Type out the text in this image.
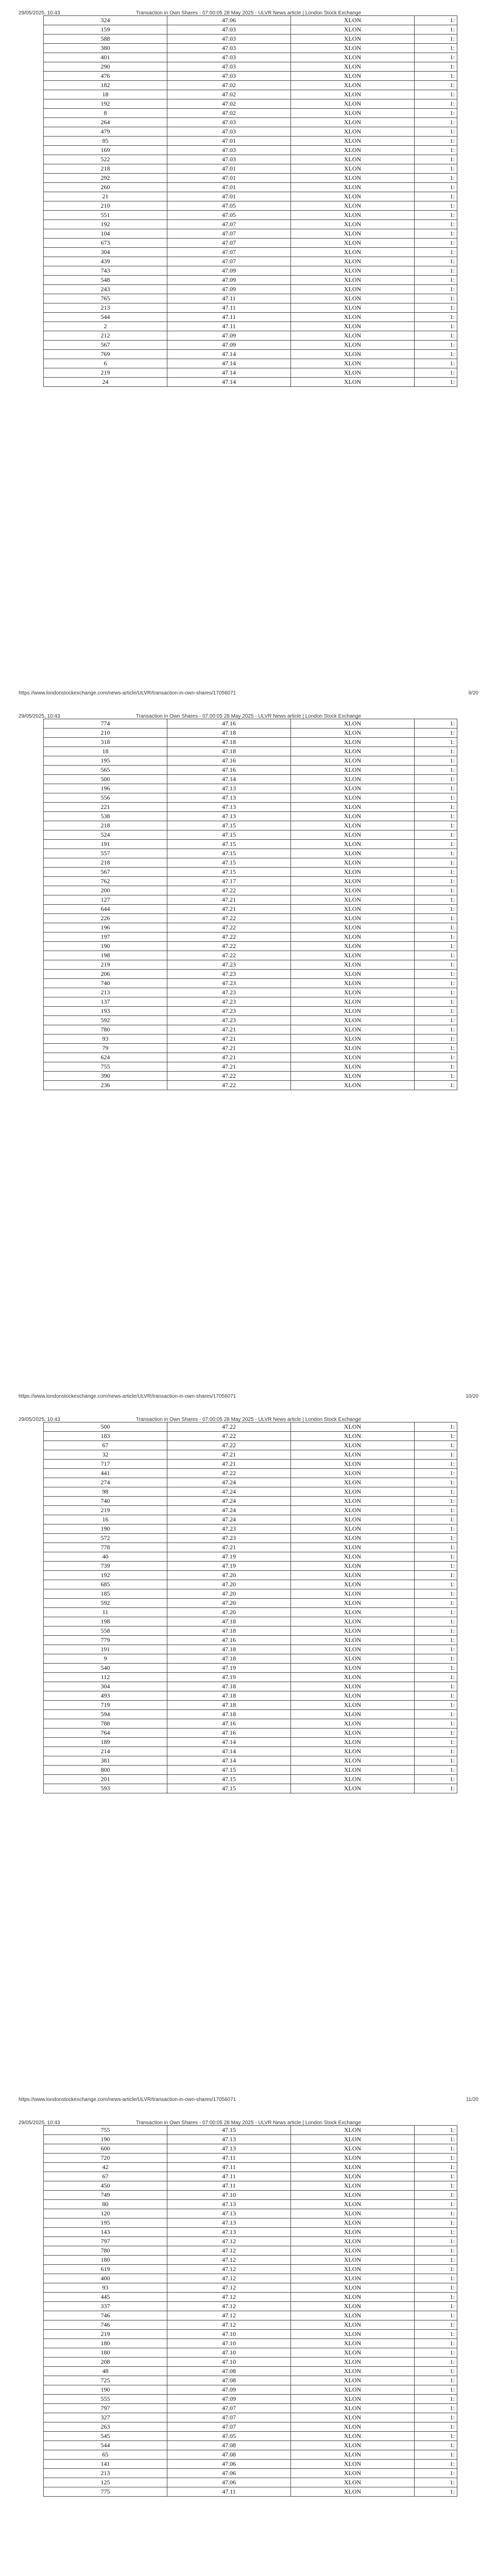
29/05/2025, 10:43	Transaction in Own Shares - 07:00:05 28 May 2025 - ULVR News article | London Stock Exchange
324	47.06	XLON	1:
159	47.03	XLON	1:
588	47.03	XLON	1:
380	47.03	XLON	1:
401	47.03	XLON	1:
290	47.03	XLON	1:
476	47.03	XLON	1:
182	47.02	XLON	1:
18	47.02	XLON	1:
192	47.02	XLON	1:
8	47.02	XLON	1:
264	47.03	XLON	1:
479	47.03	XLON	1:
85	47.01	XLON	1:
169	47.03	XLON	1:
522	47.03	XLON	1:
218	47.01	XLON	1:
292	47.01	XLON	1:
260	47.01	XLON	1:
21	47.01	XLON	1:
210	47.05	XLON	1:
551	47.05	XLON	1:
192	47.07	XLON	1:
104	47.07	XLON	1:
673	47.07	XLON	1:
304	47.07	XLON	1:
439	47.07	XLON	1:
743	47.09	XLON	1:
548	47.09	XLON	1:
243	47.09	XLON	1:
765	47.11	XLON	1:
213	47.11	XLON	1:
544	47.11	XLON	1:
2	47.11	XLON	1:
212	47.09	XLON	1:
567	47.09	XLON	1:
769	47.14	XLON	1:
6	47.14	XLON	1:
219	47.14	XLON	1:
24	47.14	XLON	1:
https://www.londonstockexchange.com/news-article/ULVR/transaction-in-own-shares/17056071	9/20
29/05/2025, 10:43	Transaction in Own Shares - 07:00:05 28 May 2025 - ULVR News article | London Stock Exchange
774	47.16	XLON	1:
210	47.18	XLON	1:
318	47.18	XLON	1:
18	47.18	XLON	1:
195	47.16	XLON	1:
565	47.16	XLON	1:
500	47.14	XLON	1:
196	47.13	XLON	1:
556	47.13	XLON	1:
221	47.13	XLON	1:
538	47.13	XLON	1:
218	47.15	XLON	1:
524	47.15	XLON	1:
191	47.15	XLON	1:
557	47.15	XLON	1:
218	47.15	XLON	1:
567	47.15	XLON	1:
762	47.17	XLON	1:
200	47.22	XLON	1:
127	47.21	XLON	1:
644	47.21	XLON	1:
226	47.22	XLON	1:
196	47.22	XLON	1:
197	47.22	XLON	1:
190	47.22	XLON	1:
198	47.22	XLON	1:
219	47.23	XLON	1:
206	47.23	XLON	1:
740	47.23	XLON	1:
213	47.23	XLON	1:
137	47.23	XLON	1:
193	47.23	XLON	1:
592	47.23	XLON	1:
780	47.21	XLON	1:
93	47.21	XLON	1:
79	47.21	XLON	1:
624	47.21	XLON	1:
755	47.21	XLON	1:
390	47.22	XLON	1:
236	47.22	XLON	1:
https://www.londonstockexchange.com/news-article/ULVR/transaction-in-own-shares/17056071	10/20
29/05/2025, 10:43	Transaction in Own Shares - 07:00:05 28 May 2025 - ULVR News article | London Stock Exchange
500	47.22	XLON	1:
183	47.22	XLON	1:
67	47.22	XLON	1:
32	47.21	XLON	1:
717	47.21	XLON	1:
441	47.22	XLON	1:
274	47.24	XLON	1:
98	47.24	XLON	1:
740	47.24	XLON	1:
219	47.24	XLON	1:
16	47.24	XLON	1:
190	47.23	XLON	1:
572	47.23	XLON	1:
778	47.21	XLON	1:
40	47.19	XLON	1:
739	47.19	XLON	1:
192	47.20	XLON	1:
685	47.20	XLON	1:
185	47.20	XLON	1:
592	47.20	XLON	1:
11	47.20	XLON	1:
198	47.18	XLON	1:
558	47.18	XLON	1:
779	47.16	XLON	1:
191	47.18	XLON	1:
9	47.18	XLON	1:
540	47.19	XLON	1:
112	47.19	XLON	1:
304	47.18	XLON	1:
493	47.18	XLON	1:
719	47.18	XLON	1:
594	47.18	XLON	1:
788	47.16	XLON	1:
764	47.16	XLON	1:
189	47.14	XLON	1:
214	47.14	XLON	1:
381	47.14	XLON	1:
800	47.15	XLON	1:
201	47.15	XLON	1:
593	47.15	XLON	1:
https://www.londonstockexchange.com/news-article/ULVR/transaction-in-own-shares/17056071	11/20
29/05/2025, 10:43	Transaction in Own Shares - 07:00:05 28 May 2025 - ULVR News article | London Stock Exchange
755	47.15	XLON	1:
190	47.13	XLON	1:
600	47.13	XLON	1:
720	47.11	XLON	1:
42	47.11	XLON	1:
67	47.11	XLON	1:
450	47.11	XLON	1:
749	47.10	XLON	1:
80	47.13	XLON	1:
120	47.13	XLON	1:
195	47.13	XLON	1:
143	47.13	XLON	1:
797	47.12	XLON	1:
780	47.12	XLON	1:
180	47.12	XLON	1:
619	47.12	XLON	1:
400	47.12	XLON	1:
93	47.12	XLON	1:
445	47.12	XLON	1:
337	47.12	XLON	1:
746	47.12	XLON	1:
746	47.12	XLON	1:
219	47.10	XLON	1:
180	47.10	XLON	1:
180	47.10	XLON	1:
208	47.10	XLON	1:
48	47.08	XLON	1:
725	47.08	XLON	1:
190	47.09	XLON	1:
555	47.09	XLON	1:
797	47.07	XLON	1:
327	47.07	XLON	1:
263	47.07	XLON	1:
545	47.05	XLON	1:
544	47.08	XLON	1:
65	47.08	XLON	1:
141	47.06	XLON	1:
213	47.06	XLON	1:
125	47.06	XLON	1:
775	47.11	XLON	1:
